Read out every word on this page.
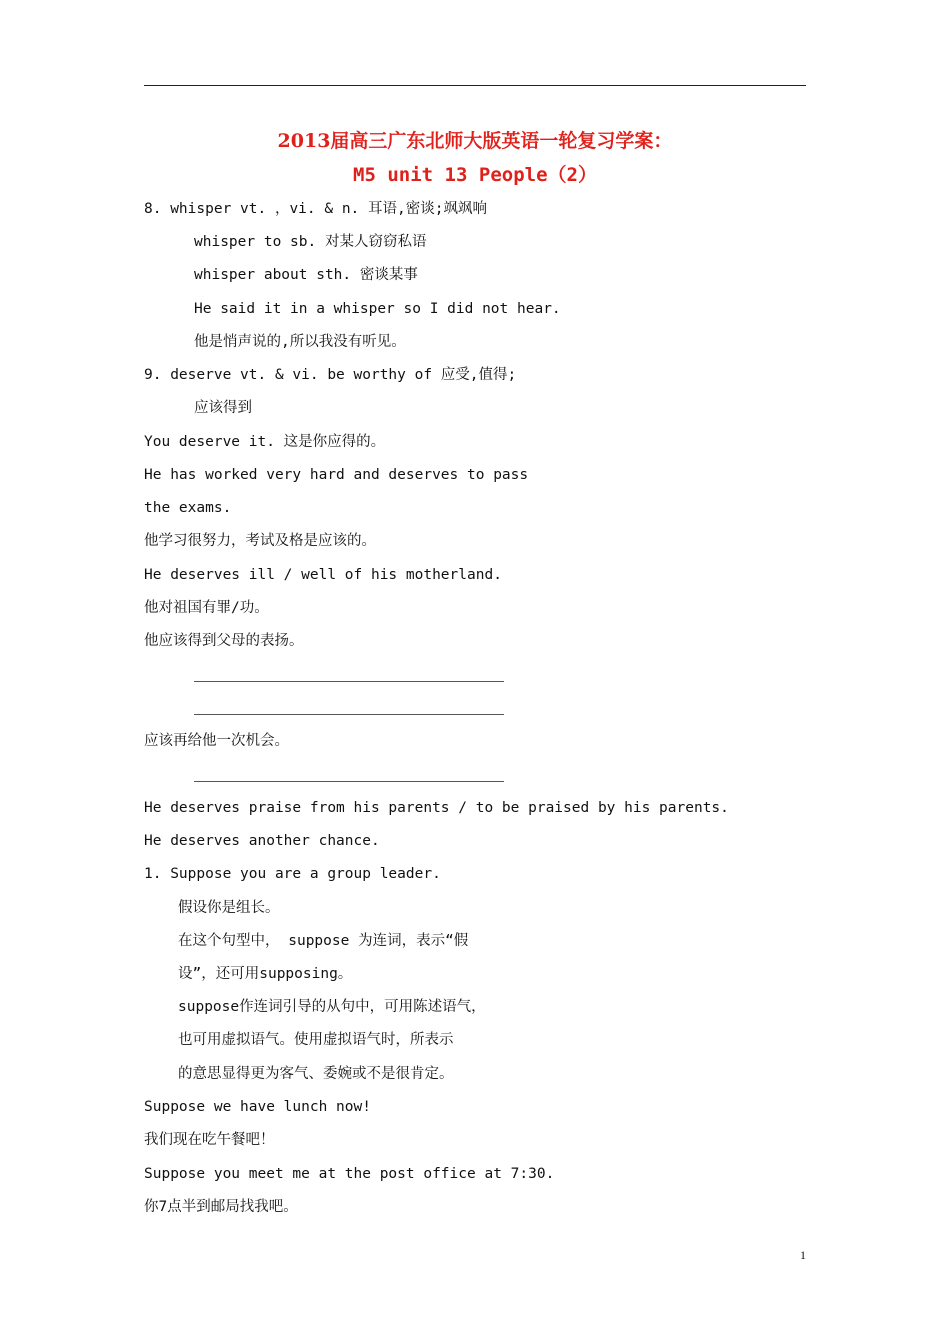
2013届高三广东北师大版英语一轮复习学案：
M5 unit 13 People（2）
8. whisper vt. ，vi. & n. 耳语,密谈;飒飒响
whisper to sb. 对某人窃窃私语
whisper about sth. 密谈某事
He said it in a whisper so I did not hear.
他是悄声说的,所以我没有听见。
9. deserve vt. & vi. be worthy of 应受,值得;
应该得到
You deserve it. 这是你应得的。
He has worked very hard and deserves to pass
the exams.
他学习很努力，考试及格是应该的。
He deserves ill / well of his motherland.
他对祖国有罪/功。
他应该得到父母的表扬。
应该再给他一次机会。
He deserves praise from his parents / to be praised by his parents.
He deserves another chance.
1. Suppose you are a group leader.
假设你是组长。
在这个句型中， suppose 为连词，表示“假
设”，还可用supposing。
suppose作连词引导的从句中，可用陈述语气，
也可用虚拟语气。使用虚拟语气时，所表示
的意思显得更为客气、委婉或不是很肯定。
Suppose we have lunch now!
我们现在吃午餐吧！
Suppose you meet me at the post office at 7:30.
你7点半到邮局找我吧。
1
